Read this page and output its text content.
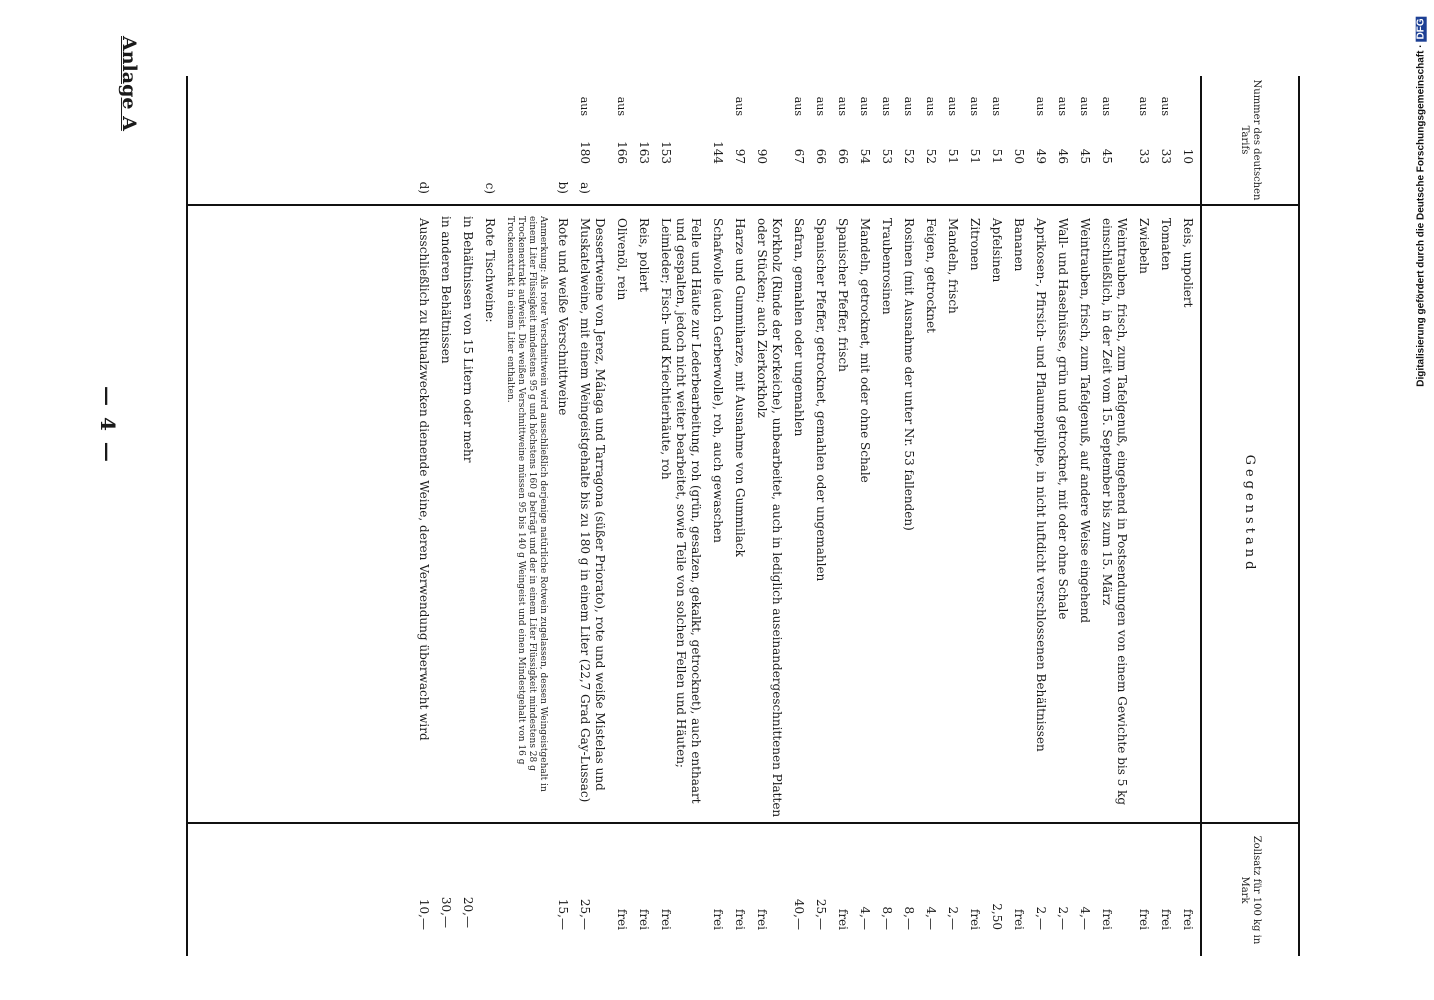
Digitalisierung gefördert durch die Deutsche Forschungsgemeinschaft ·DFG
— 4 —
Anlage A	Nummer des deutschen Tarifs
Gegenstand
Zollsatz für 100 kg in Mark
10
Reis, unpoliert
frei
aus
33
Tomaten
frei
aus
33
Zwiebeln
frei
aus
45
Weintrauben, frisch, zum Tafelgenuß, eingehend in Postsendungen von einem Gewichte bis 5 kg einschließlich, in der Zeit vom 15. September bis zum 15. März
frei
aus
45
Weintrauben, frisch, zum Tafelgenuß, auf andere Weise eingehend
4,—
aus
46
Wall- und Haselnüsse, grün und getrocknet, mit oder ohne Schale
2,—
aus
49
Aprikosen-, Pfirsich- und Pflaumenpülpe, in nicht luftdicht verschlossenen Behältnissen
2,—
50
Bananen
frei
aus
51
Apfelsinen
2,50
aus
51
Zitronen
frei
aus
51
Mandeln, frisch
2,—
aus
52
Feigen, getrocknet
4,—
aus
52
Rosinen (mit Ausnahme der unter Nr. 53 fallenden)
8,—
aus
53
Traubenrosinen
8,—
aus
54
Mandeln, getrocknet, mit oder ohne Schale
4,—
aus
66
Spanischer Pfeffer, frisch
frei
aus
66
Spanischer Pfeffer, getrocknet, gemahlen oder ungemahlen
25,—
aus
67
Safran, gemahlen oder ungemahlen
40,—
90
Korkholz (Rinde der Korkeiche), unbearbeitet, auch in lediglich auseinandergeschnittenen Platten oder Stücken; auch Zierkorkholz
frei
aus
97
Harze und Gummiharze, mit Ausnahme von Gummilack
frei
144
Schafwolle (auch Gerberwolle), roh, auch gewaschen
frei
153
Felle und Häute zur Lederbearbeitung, roh (grün, gesalzen, gekalkt, getrocknet), auch enthaart und gespalten, jedoch nicht weiter bearbeitet, sowie Teile von solchen Fellen und Häuten; Leimleder; Fisch- und Kriechtierhäute, roh
frei
163
Reis, poliert
frei
aus
166
Olivenöl, rein
frei
aus
180
a)
Dessertweine von Jerez, Málaga und Tarragona (süßer Priorato), rote und weiße Mistelas und Muskatelweine, mit einem Weingeistgehalte bis zu 180 g in einem Liter (22,7 Grad Gay-Lussac)
25,—
b)
Rote und weiße Verschnittweine
15,—
Anmerkung: Als roter Verschnittwein wird ausschließlich derjenige natürliche Rotwein zugelassen, dessen Weingeistgehalt in einem Liter Flüssigkeit mindestens 95 g und höchstens 160 g beträgt und der in einem Liter Flüssigkeit mindestens 28 g Trockenextrakt aufweist. Die weißen Verschnittweine müssen 95 bis 140 g Weingeist und einen Mindestgehalt von 16 g Trockenextrakt in einem Liter enthalten.
c)
Rote Tischweine:
in Behältnissen von 15 Litern oder mehr
20,—
in anderen Behältnissen
30,—
d)
Ausschließlich zu Ritualzwecken dienende Weine, deren Verwendung überwacht wird
10,—
